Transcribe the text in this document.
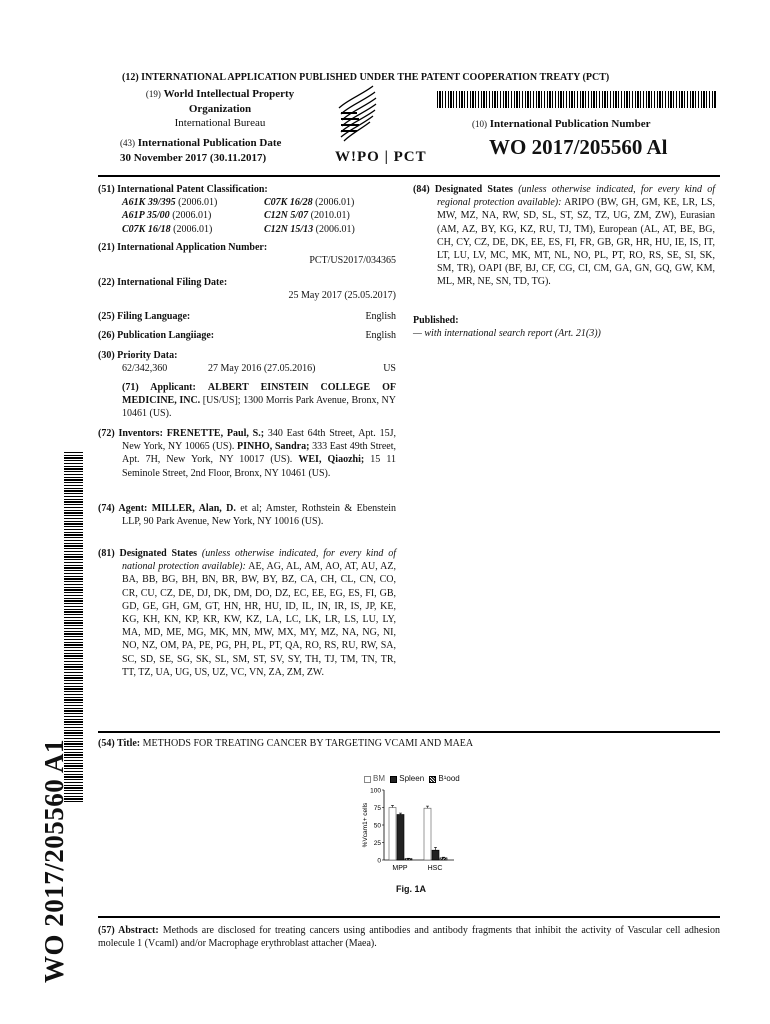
(12) INTERNATIONAL APPLICATION PUBLISHED UNDER THE PATENT COOPERATION TREATY (PCT)
(19) World Intellectual Property
Organization
International Bureau
(43) International Publication Date
30 November 2017 (30.11.2017)	W!PO | PCT
(10) International Publication Number
WO 2017/205560 Al

(51) International Patent Classification:

A61K 39/395 (2006.01)	C07K 16/28 (2006.01)
A61P 35/00 (2006.01)	C12N 5/07 (2010.01)
C07K 16/18 (2006.01)	C12N 15/13 (2006.01)

(21) International Application Number:

PCT/US2017/034365

(22) International Filing Date:

25 May 2017 (25.05.2017)

(25) Filing Language:	English
(26) Publication Langiiage:	English

(30) Priority Data:

62/342,360	27 May 2016 (27.05.2016)	US

(71) Applicant: ALBERT EINSTEIN COLLEGE OF MEDICINE, INC. [US/US]; 1300 Morris Park Avenue, Bronx, NY 10461 (US).

(72) Inventors: FRENETTE, Paul, S.; 340 East 64th Street, Apt. 15J, New York, NY 10065 (US). PINHO, Sandra; 333 East 49th Street, Apt. 7H, New York, NY 10017 (US). WEI, Qiaozhi; 15 11 Seminole Street, 2nd Floor, Bronx, NY 10461 (US).

(74) Agent: MILLER, Alan, D. et al; Amster, Rothstein & Ebenstein LLP, 90 Park Avenue, New York, NY 10016 (US).

(81) Designated States (unless otherwise indicated, for every kind of national protection available): AE, AG, AL, AM, AO, AT, AU, AZ, BA, BB, BG, BH, BN, BR, BW, BY, BZ, CA, CH, CL, CN, CO, CR, CU, CZ, DE, DJ, DK, DM, DO, DZ, EC, EE, EG, ES, FI, GB, GD, GE, GH, GM, GT, HN, HR, HU, ID, IL, IN, IR, IS, JP, KE, KG, KH, KN, KP, KR, KW, KZ, LA, LC, LK, LR, LS, LU, LY, MA, MD, ME, MG, MK, MN, MW, MX, MY, MZ, NA, NG, NI, NO, NZ, OM, PA, PE, PG, PH, PL, PT, QA, RO, RS, RU, RW, SA, SC, SD, SE, SG, SK, SL, SM, ST, SV, SY, TH, TJ, TM, TN, TR, TT, TZ, UA, UG, US, UZ, VC, VN, ZA, ZM, ZW.

(84) Designated States (unless otherwise indicated, for every kind of regional protection available): ARIPO (BW, GH, GM, KE, LR, LS, MW, MZ, NA, RW, SD, SL, ST, SZ, TZ, UG, ZM, ZW), Eurasian (AM, AZ, BY, KG, KZ, RU, TJ, TM), European (AL, AT, BE, BG, CH, CY, CZ, DE, DK, EE, ES, FI, FR, GB, GR, HR, HU, IE, IS, IT, LT, LU, LV, MC, MK, MT, NL, NO, PL, PT, RO, RS, SE, SI, SK, SM, TR), OAPI (BF, BJ, CF, CG, CI, CM, GA, GN, GQ, GW, KM, ML, MR, NE, SN, TD, TG).

Published:

— with international search report (Art. 21(3))

WO 2017/205560 A1	(54) Title: METHODS FOR TREATING CANCER BY TARGETING VCAMI AND MAEA
BM Spleen B¹ood
0
25
50
75
100
%Vcam1+ cells
MPP	HSC
Fig. 1A
(57) Abstract: Methods are disclosed for treating cancers using antibodies and antibody fragments that inhibit the activity of Vascular cell adhesion molecule 1 (Vcaml) and/or Macrophage erythroblast attacher (Maea).
